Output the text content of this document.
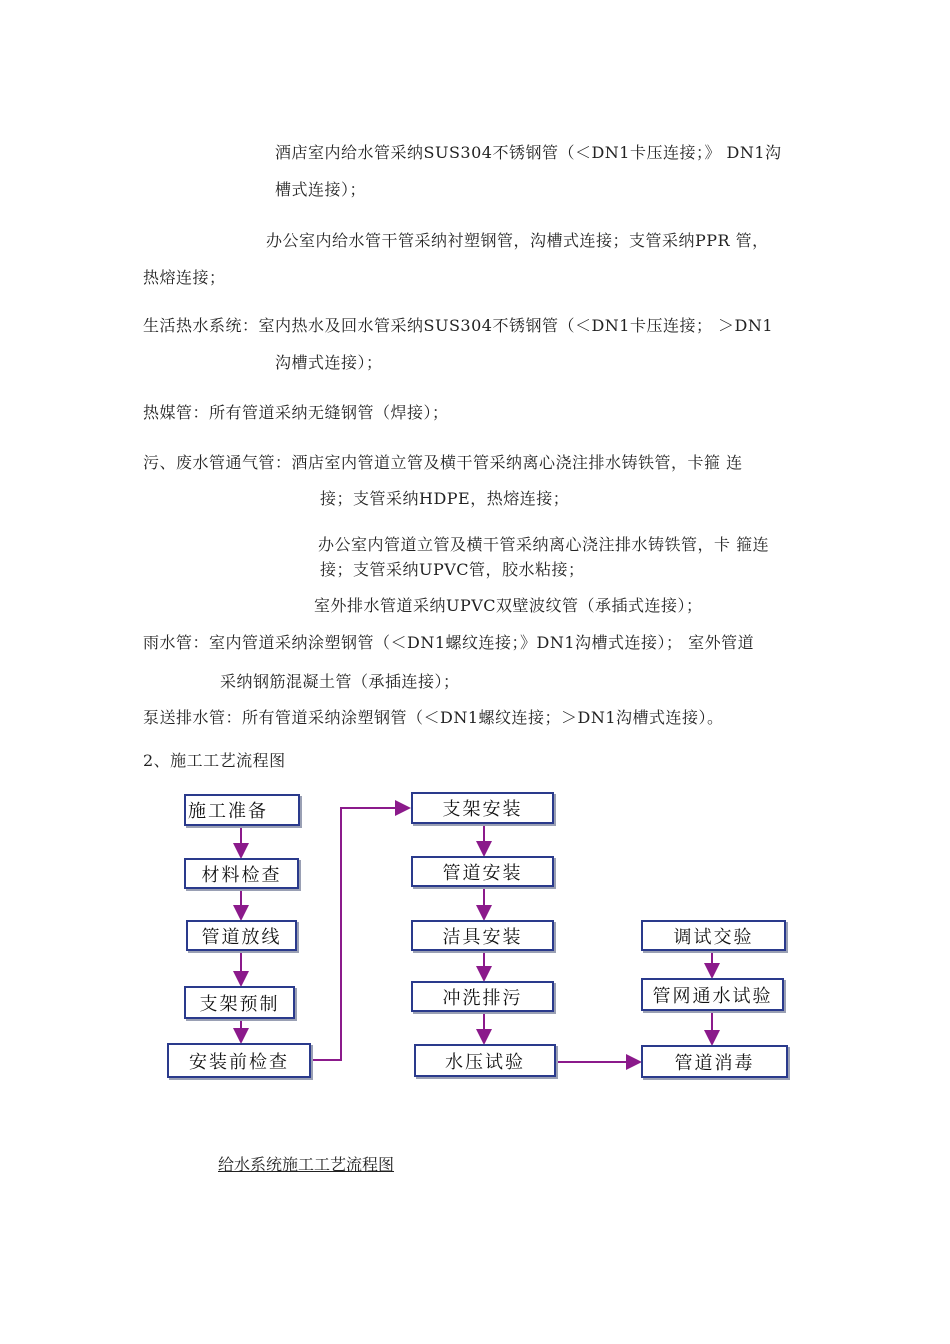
酒店室内给水管采纳SUS304不锈钢管（＜DN1卡压连接；》 DN1沟
槽式连接）；
办公室内给水管干管采纳衬塑钢管，沟槽式连接；支管采纳PPR 管，
热熔连接；
生活热水系统：室内热水及回水管采纳SUS304不锈钢管（＜DN1卡压连接； ＞DN1
沟槽式连接）；
热媒管：所有管道采纳无缝钢管（焊接）；
污、废水管通气管：酒店室内管道立管及横干管采纳离心浇注排水铸铁管，卡箍 连
接；支管采纳HDPE，热熔连接；
办公室内管道立管及横干管采纳离心浇注排水铸铁管，卡 箍连
接；支管采纳UPVC管，胶水粘接；
室外排水管道采纳UPVC双壁波纹管（承插式连接）；
雨水管：室内管道采纳涂塑钢管（＜DN1螺纹连接；》DN1沟槽式连接）； 室外管道
采纳钢筋混凝土管（承插连接）；
泵送排水管：所有管道采纳涂塑钢管（＜DN1螺纹连接；＞DN1沟槽式连接）。
2、施工工艺流程图
施工准备
材料检查
管道放线
支架预制
安装前检查
支架安装
管道安装
洁具安装
冲洗排污
水压试验
调试交验
管网通水试验
管道消毒
给水系统施工工艺流程图
